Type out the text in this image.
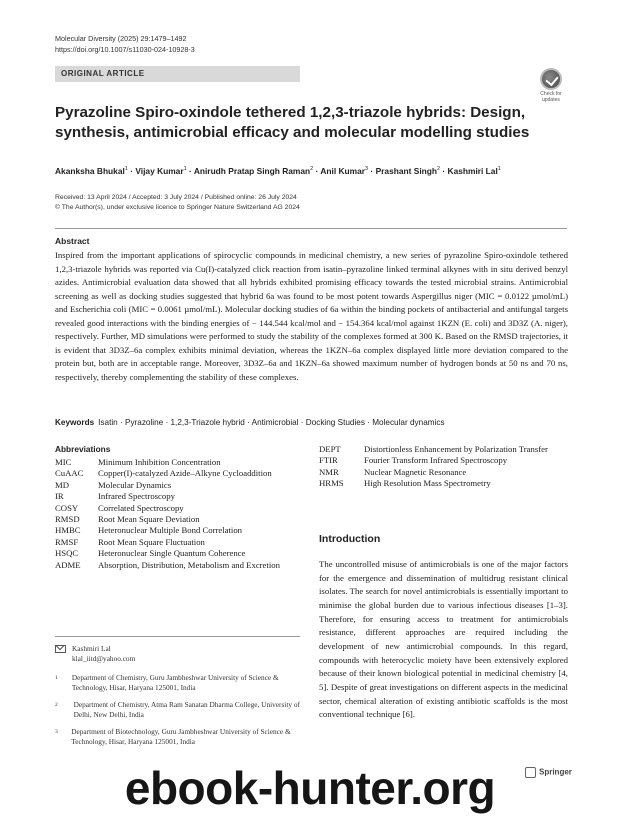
Molecular Diversity (2025) 29:1479–1492
https://doi.org/10.1007/s11030-024-10928-3
ORIGINAL ARTICLE
Check for updates
Pyrazoline Spiro-oxindole tethered 1,2,3-triazole hybrids: Design, synthesis, antimicrobial efficacy and molecular modelling studies
Akanksha Bhukal$^1$ · Vijay Kumar$^1$ · Anirudh Pratap Singh Raman$^2$ · Anil Kumar$^3$ · Prashant Singh$^2$ · Kashmiri Lal$^1$
Received: 13 April 2024 / Accepted: 3 July 2024 / Published online: 26 July 2024
© The Author(s), under exclusive licence to Springer Nature Switzerland AG 2024
Abstract
Inspired from the important applications of spirocyclic compounds in medicinal chemistry, a new series of pyrazoline Spiro-oxindole tethered 1,2,3-triazole hybrids was reported via Cu(I)-catalyzed click reaction from isatin–pyrazoline linked terminal alkynes with in situ derived benzyl azides. Antimicrobial evaluation data showed that all hybrids exhibited promising efficacy towards the tested microbial strains. Antimicrobial screening as well as docking studies suggested that hybrid 6a was found to be most potent towards Aspergillus niger (MIC = 0.0122 µmol/mL) and Escherichia coli (MIC = 0.0061 µmol/mL). Molecular docking studies of 6a within the binding pockets of antibacterial and antifungal targets revealed good interactions with the binding energies of − 144.544 kcal/mol and − 154.364 kcal/mol against 1KZN (E. coli) and 3D3Z (A. niger), respectively. Further, MD simulations were performed to study the stability of the complexes formed at 300 K. Based on the RMSD trajectories, it is evident that 3D3Z–6a complex exhibits minimal deviation, whereas the 1KZN–6a complex displayed little more deviation compared to the protein but, both are in acceptable range. Moreover, 3D3Z–6a and 1KZN–6a showed maximum number of hydrogen bonds at 50 ns and 70 ns, respectively, thereby complementing the stability of these complexes.
Keywords Isatin · Pyrazoline · 1,2,3-Triazole hybrid · Antimicrobial · Docking Studies · Molecular dynamics
Abbreviations
MIC	Minimum Inhibition Concentration
CuAAC	Copper(I)-catalyzed Azide–Alkyne Cycloaddition
MD	Molecular Dynamics
IR	Infrared Spectroscopy
COSY	Correlated Spectroscopy
RMSD	Root Mean Square Deviation
HMBC	Heteronuclear Multiple Bond Correlation
RMSF	Root Mean Square Fluctuation
HSQC	Heteronuclear Single Quantum Coherence
ADME	Absorption, Distribution, Metabolism and Excretion
DEPT	Distortionless Enhancement by Polarization Transfer
FTIR	Fourier Transform Infrared Spectroscopy
NMR	Nuclear Magnetic Resonance
HRMS	High Resolution Mass Spectrometry
Introduction
The uncontrolled misuse of antimicrobials is one of the major factors for the emergence and dissemination of multidrug resistant clinical isolates. The search for novel antimicrobials is essentially important to minimise the global burden due to various infectious diseases [1–3]. Therefore, for ensuring access to treatment for antimicrobials resistance, different approaches are required including the development of new antimicrobial compounds. In this regard, compounds with heterocyclic moiety have been extensively explored because of their known biological potential in medicinal chemistry [4, 5]. Despite of great investigations on different aspects in the medicinal sector, chemical alteration of existing antibiotic scaffolds is the most conventional technique [6].
Kashmiri Lal
klal_iitd@yahoo.com
1	Department of Chemistry, Guru Jambheshwar University of Science & Technology, Hisar, Haryana 125001, India
2	Department of Chemistry, Atma Ram Sanatan Dharma College, University of Delhi, New Delhi, India
3	Department of Biotechnology, Guru Jambheshwar University of Science & Technology, Hisar, Haryana 125001, India
Springer
ebook-hunter.org
